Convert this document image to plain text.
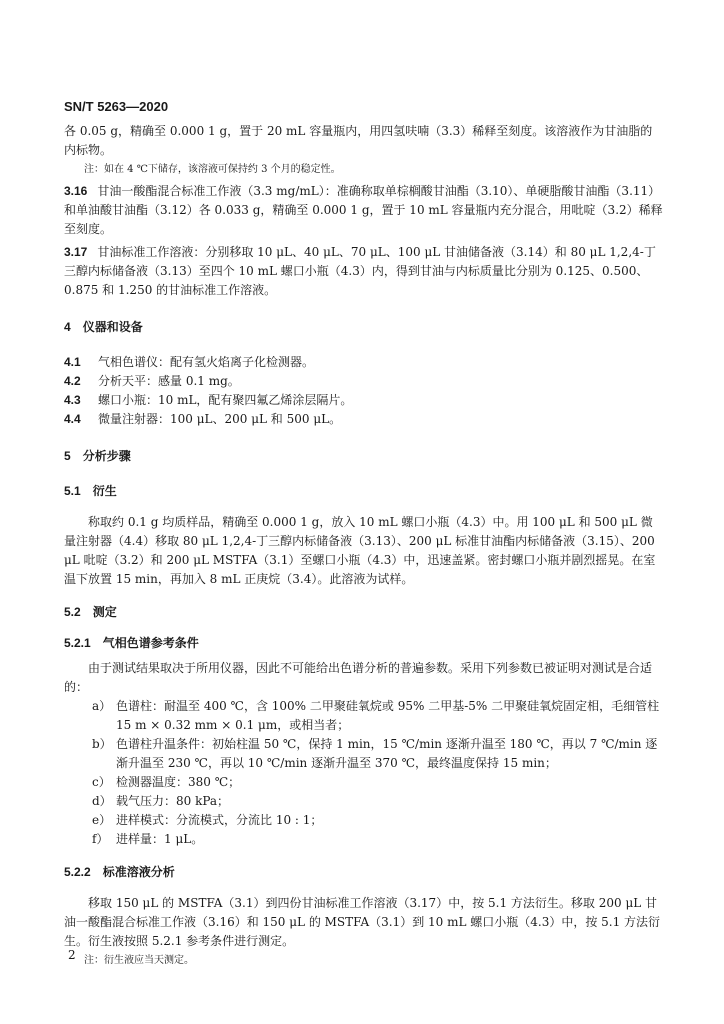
SN/T 5263—2020

各 0.05 g，精确至 0.000 1 g，置于 20 mL 容量瓶内，用四氢呋喃（3.3）稀释至刻度。该溶液作为甘油脂的内标物。

注：如在 4 ℃下储存，该溶液可保持约 3 个月的稳定性。

3.16 甘油一酸酯混合标准工作液（3.3 mg/mL）：准确称取单棕榈酸甘油酯（3.10）、单硬脂酸甘油酯（3.11）和单油酸甘油酯（3.12）各 0.033 g，精确至 0.000 1 g，置于 10 mL 容量瓶内充分混合，用吡啶（3.2）稀释至刻度。

3.17 甘油标准工作溶液：分别移取 10 μL、40 μL、70 μL、100 μL 甘油储备液（3.14）和 80 μL 1,2,4-丁三醇内标储备液（3.13）至四个 10 mL 螺口小瓶（4.3）内，得到甘油与内标质量比分别为 0.125、0.500、0.875 和 1.250 的甘油标准工作溶液。

4 仪器和设备
4.1	气相色谱仪：配有氢火焰离子化检测器。
4.2	分析天平：感量 0.1 mg。
4.3	螺口小瓶：10 mL，配有聚四氟乙烯涂层隔片。
4.4	微量注射器：100 μL、200 μL 和 500 μL。
5 分析步骤
5.1 衍生

称取约 0.1 g 均质样品，精确至 0.000 1 g，放入 10 mL 螺口小瓶（4.3）中。用 100 μL 和 500 μL 微量注射器（4.4）移取 80 μL 1,2,4-丁三醇内标储备液（3.13）、200 μL 标准甘油酯内标储备液（3.15）、200 μL 吡啶（3.2）和 200 μL MSTFA（3.1）至螺口小瓶（4.3）中，迅速盖紧。密封螺口小瓶并剧烈摇晃。在室温下放置 15 min，再加入 8 mL 正庚烷（3.4）。此溶液为试样。

5.2 测定
5.2.1 气相色谱参考条件

由于测试结果取决于所用仪器，因此不可能给出色谱分析的普遍参数。采用下列参数已被证明对测试是合适的：

a） 色谱柱：耐温至 400 ℃，含 100% 二甲聚硅氧烷或 95% 二甲基-5% 二甲聚硅氧烷固定相，毛细管柱 15 m × 0.32 mm × 0.1 μm，或相当者；
b） 色谱柱升温条件：初始柱温 50 ℃，保持 1 min，15 ℃/min 逐渐升温至 180 ℃，再以 7 ℃/min 逐渐升温至 230 ℃，再以 10 ℃/min 逐渐升温至 370 ℃，最终温度保持 15 min；
c） 检测器温度：380 ℃；
d） 载气压力：80 kPa；
e） 进样模式：分流模式，分流比 10 : 1；
f） 进样量：1 μL。
5.2.2 标准溶液分析

移取 150 μL 的 MSTFA（3.1）到四份甘油标准工作溶液（3.17）中，按 5.1 方法衍生。移取 200 μL 甘油一酸酯混合标准工作液（3.16）和 150 μL 的 MSTFA（3.1）到 10 mL 螺口小瓶（4.3）中，按 5.1 方法衍生。衍生液按照 5.2.1 参考条件进行测定。

注：衍生液应当天测定。

2
